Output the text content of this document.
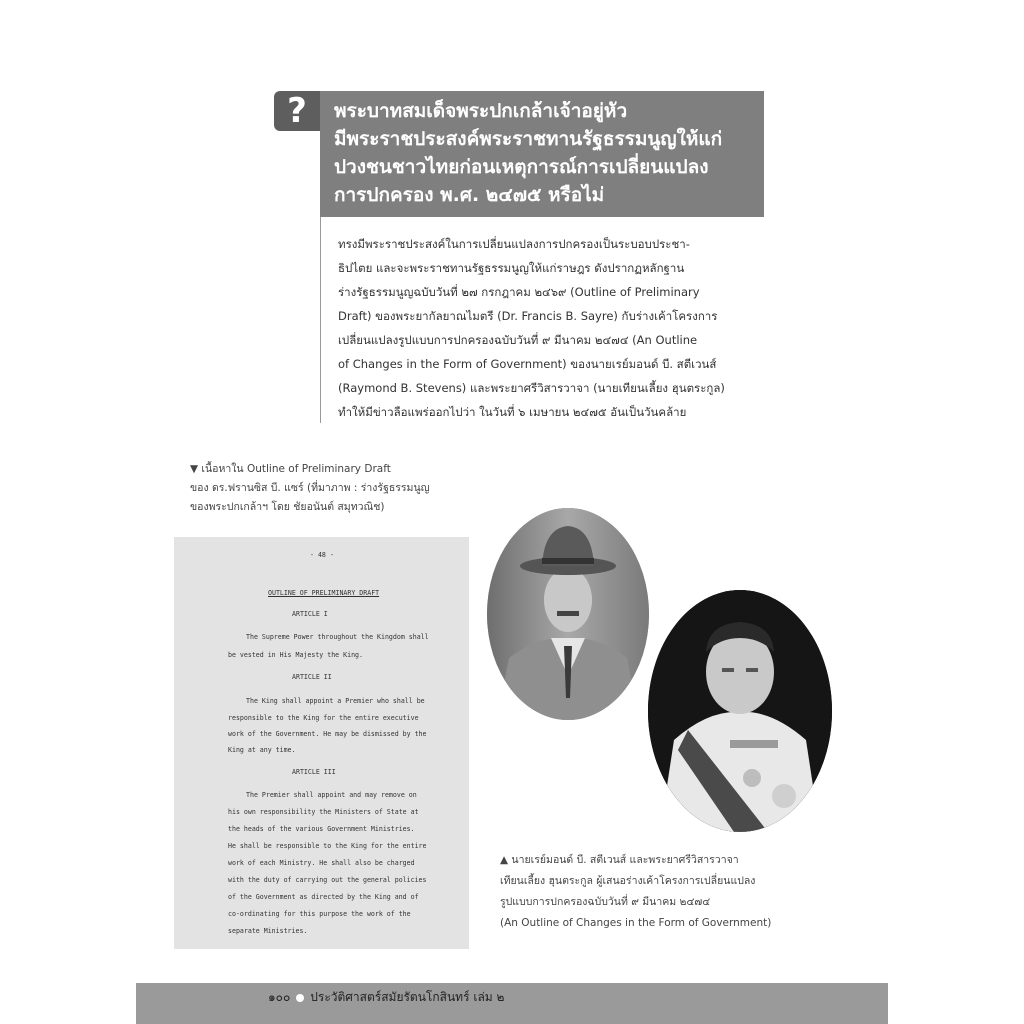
?	พระบาทสมเด็จพระปกเกล้าเจ้าอยู่หัว
มีพระราชประสงค์พระราชทานรัฐธรรมนูญให้แก่
ปวงชนชาวไทยก่อนเหตุการณ์การเปลี่ยนแปลง
การปกครอง พ.ศ. ๒๔๗๕ หรือไม่
ทรงมีพระราชประสงค์ในการเปลี่ยนแปลงการปกครองเป็นระบอบประชา-
ธิปไตย และจะพระราชทานรัฐธรรมนูญให้แก่ราษฎร ดังปรากฏหลักฐาน
ร่างรัฐธรรมนูญฉบับวันที่ ๒๗ กรกฎาคม ๒๔๖๙ (Outline of Preliminary
Draft) ของพระยากัลยาณไมตรี (Dr. Francis B. Sayre) กับร่างเค้าโครงการ
เปลี่ยนแปลงรูปแบบการปกครองฉบับวันที่ ๙ มีนาคม ๒๔๗๔ (An Outline
of Changes in the Form of Government) ของนายเรย์มอนด์ บี. สตีเวนส์
(Raymond B. Stevens) และพระยาศรีวิสารวาจา (นายเทียนเลี้ยง ฮุนตระกูล)
ทำให้มีข่าวลือแพร่ออกไปว่า ในวันที่ ๖ เมษายน ๒๔๗๕ อันเป็นวันคล้าย
▼ เนื้อหาใน Outline of Preliminary Draft
ของ ดร.ฟรานซิส บี. แซร์ (ที่มาภาพ : ร่างรัฐธรรมนูญ
ของพระปกเกล้าฯ โดย ชัยอนันต์ สมุทวณิช)
- 48 -
OUTLINE OF PRELIMINARY DRAFT
ARTICLE I
The Supreme Power throughout the Kingdom shall
be vested in His Majesty the King.
ARTICLE II
The King shall appoint a Premier who shall be
responsible to the King for the entire executive
work of the Government. He may be dismissed by the
King at any time.
ARTICLE III
The Premier shall appoint and may remove on
his own responsibility the Ministers of State at
the heads of the various Government Ministries.
He shall be responsible to the King for the entire
work of each Ministry. He shall also be charged
with the duty of carrying out the general policies
of the Government as directed by the King and of
co-ordinating for this purpose the work of the
separate Ministries.
▲ นายเรย์มอนด์ บี. สตีเวนส์ และพระยาศรีวิสารวาจา
เทียนเลี้ยง ฮุนตระกูล ผู้เสนอร่างเค้าโครงการเปลี่ยนแปลง
รูปแบบการปกครองฉบับวันที่ ๙ มีนาคม ๒๔๗๔
(An Outline of Changes in the Form of Government)
๑๐๐ ประวัติศาสตร์สมัยรัตนโกสินทร์ เล่ม ๒
